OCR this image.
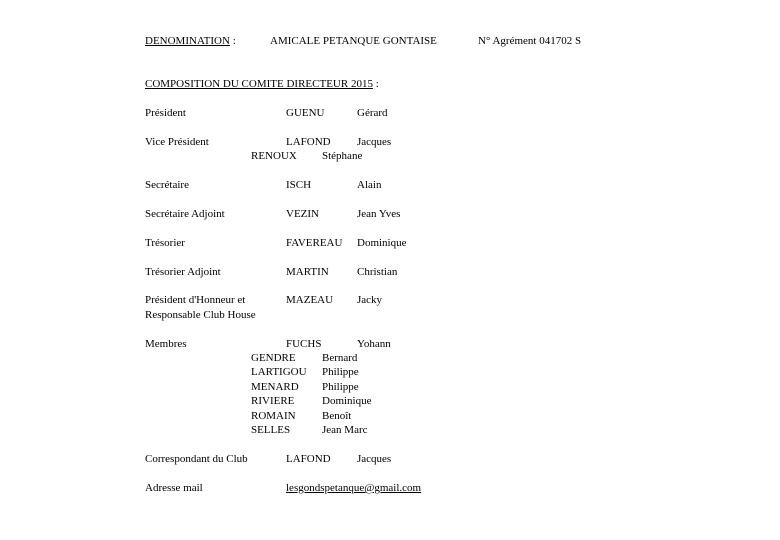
DENOMINATION :	AMICALE PETANQUE GONTAISE	N° Agrément 041702 S
COMPOSITION DU COMITE DIRECTEUR 2015 :
Président	GUENU	Gérard
Vice Président	LAFOND Jacques
RENOUX Stéphane
Secrétaire	ISCH	Alain
Secrétaire Adjoint	VEZIN	Jean Yves
Trésorier	FAVEREAU Dominique
Trésorier Adjoint	MARTIN	Christian
Président d'Honneur et
Responsable Club House
MAZEAU Jacky
Membres	FUCHS	Yohann
GENDRE Bernard
LARTIGOU Philippe
MENARD Philippe
RIVIERE	Dominique
ROMAIN Benoît
SELLES	Jean Marc
Correspondant du Club	LAFOND Jacques
Adresse mail	lesgondspetanque@gmail.com
